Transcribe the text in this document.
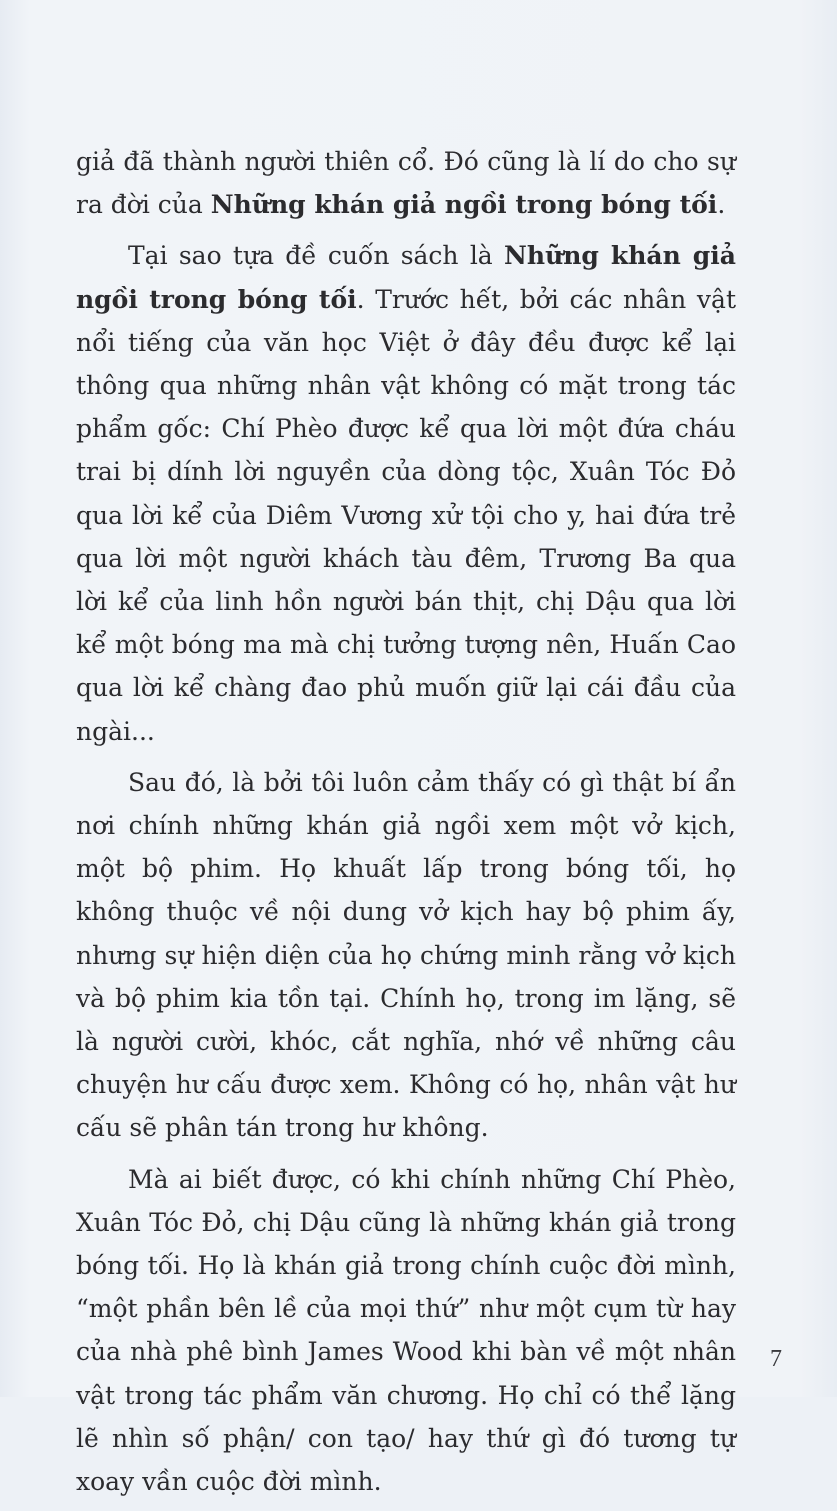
giả đã thành người thiên cổ. Đó cũng là lí do cho sự ra đời của Những khán giả ngồi trong bóng tối.

Tại sao tựa đề cuốn sách là Những khán giả ngồi trong bóng tối. Trước hết, bởi các nhân vật nổi tiếng của văn học Việt ở đây đều được kể lại thông qua những nhân vật không có mặt trong tác phẩm gốc: Chí Phèo được kể qua lời một đứa cháu trai bị dính lời nguyền của dòng tộc, Xuân Tóc Đỏ qua lời kể của Diêm Vương xử tội cho y, hai đứa trẻ qua lời một người khách tàu đêm, Trương Ba qua lời kể của linh hồn người bán thịt, chị Dậu qua lời kể một bóng ma mà chị tưởng tượng nên, Huấn Cao qua lời kể chàng đao phủ muốn giữ lại cái đầu của ngài...

Sau đó, là bởi tôi luôn cảm thấy có gì thật bí ẩn nơi chính những khán giả ngồi xem một vở kịch, một bộ phim. Họ khuất lấp trong bóng tối, họ không thuộc về nội dung vở kịch hay bộ phim ấy, nhưng sự hiện diện của họ chứng minh rằng vở kịch và bộ phim kia tồn tại. Chính họ, trong im lặng, sẽ là người cười, khóc, cắt nghĩa, nhớ về những câu chuyện hư cấu được xem. Không có họ, nhân vật hư cấu sẽ phân tán trong hư không.

Mà ai biết được, có khi chính những Chí Phèo, Xuân Tóc Đỏ, chị Dậu cũng là những khán giả trong bóng tối. Họ là khán giả trong chính cuộc đời mình, “một phần bên lề của mọi thứ” như một cụm từ hay của nhà phê bình James Wood khi bàn về một nhân vật trong tác phẩm văn chương. Họ chỉ có thể lặng lẽ nhìn số phận/ con tạo/ hay thứ gì đó tương tự xoay vần cuộc đời mình.

7
